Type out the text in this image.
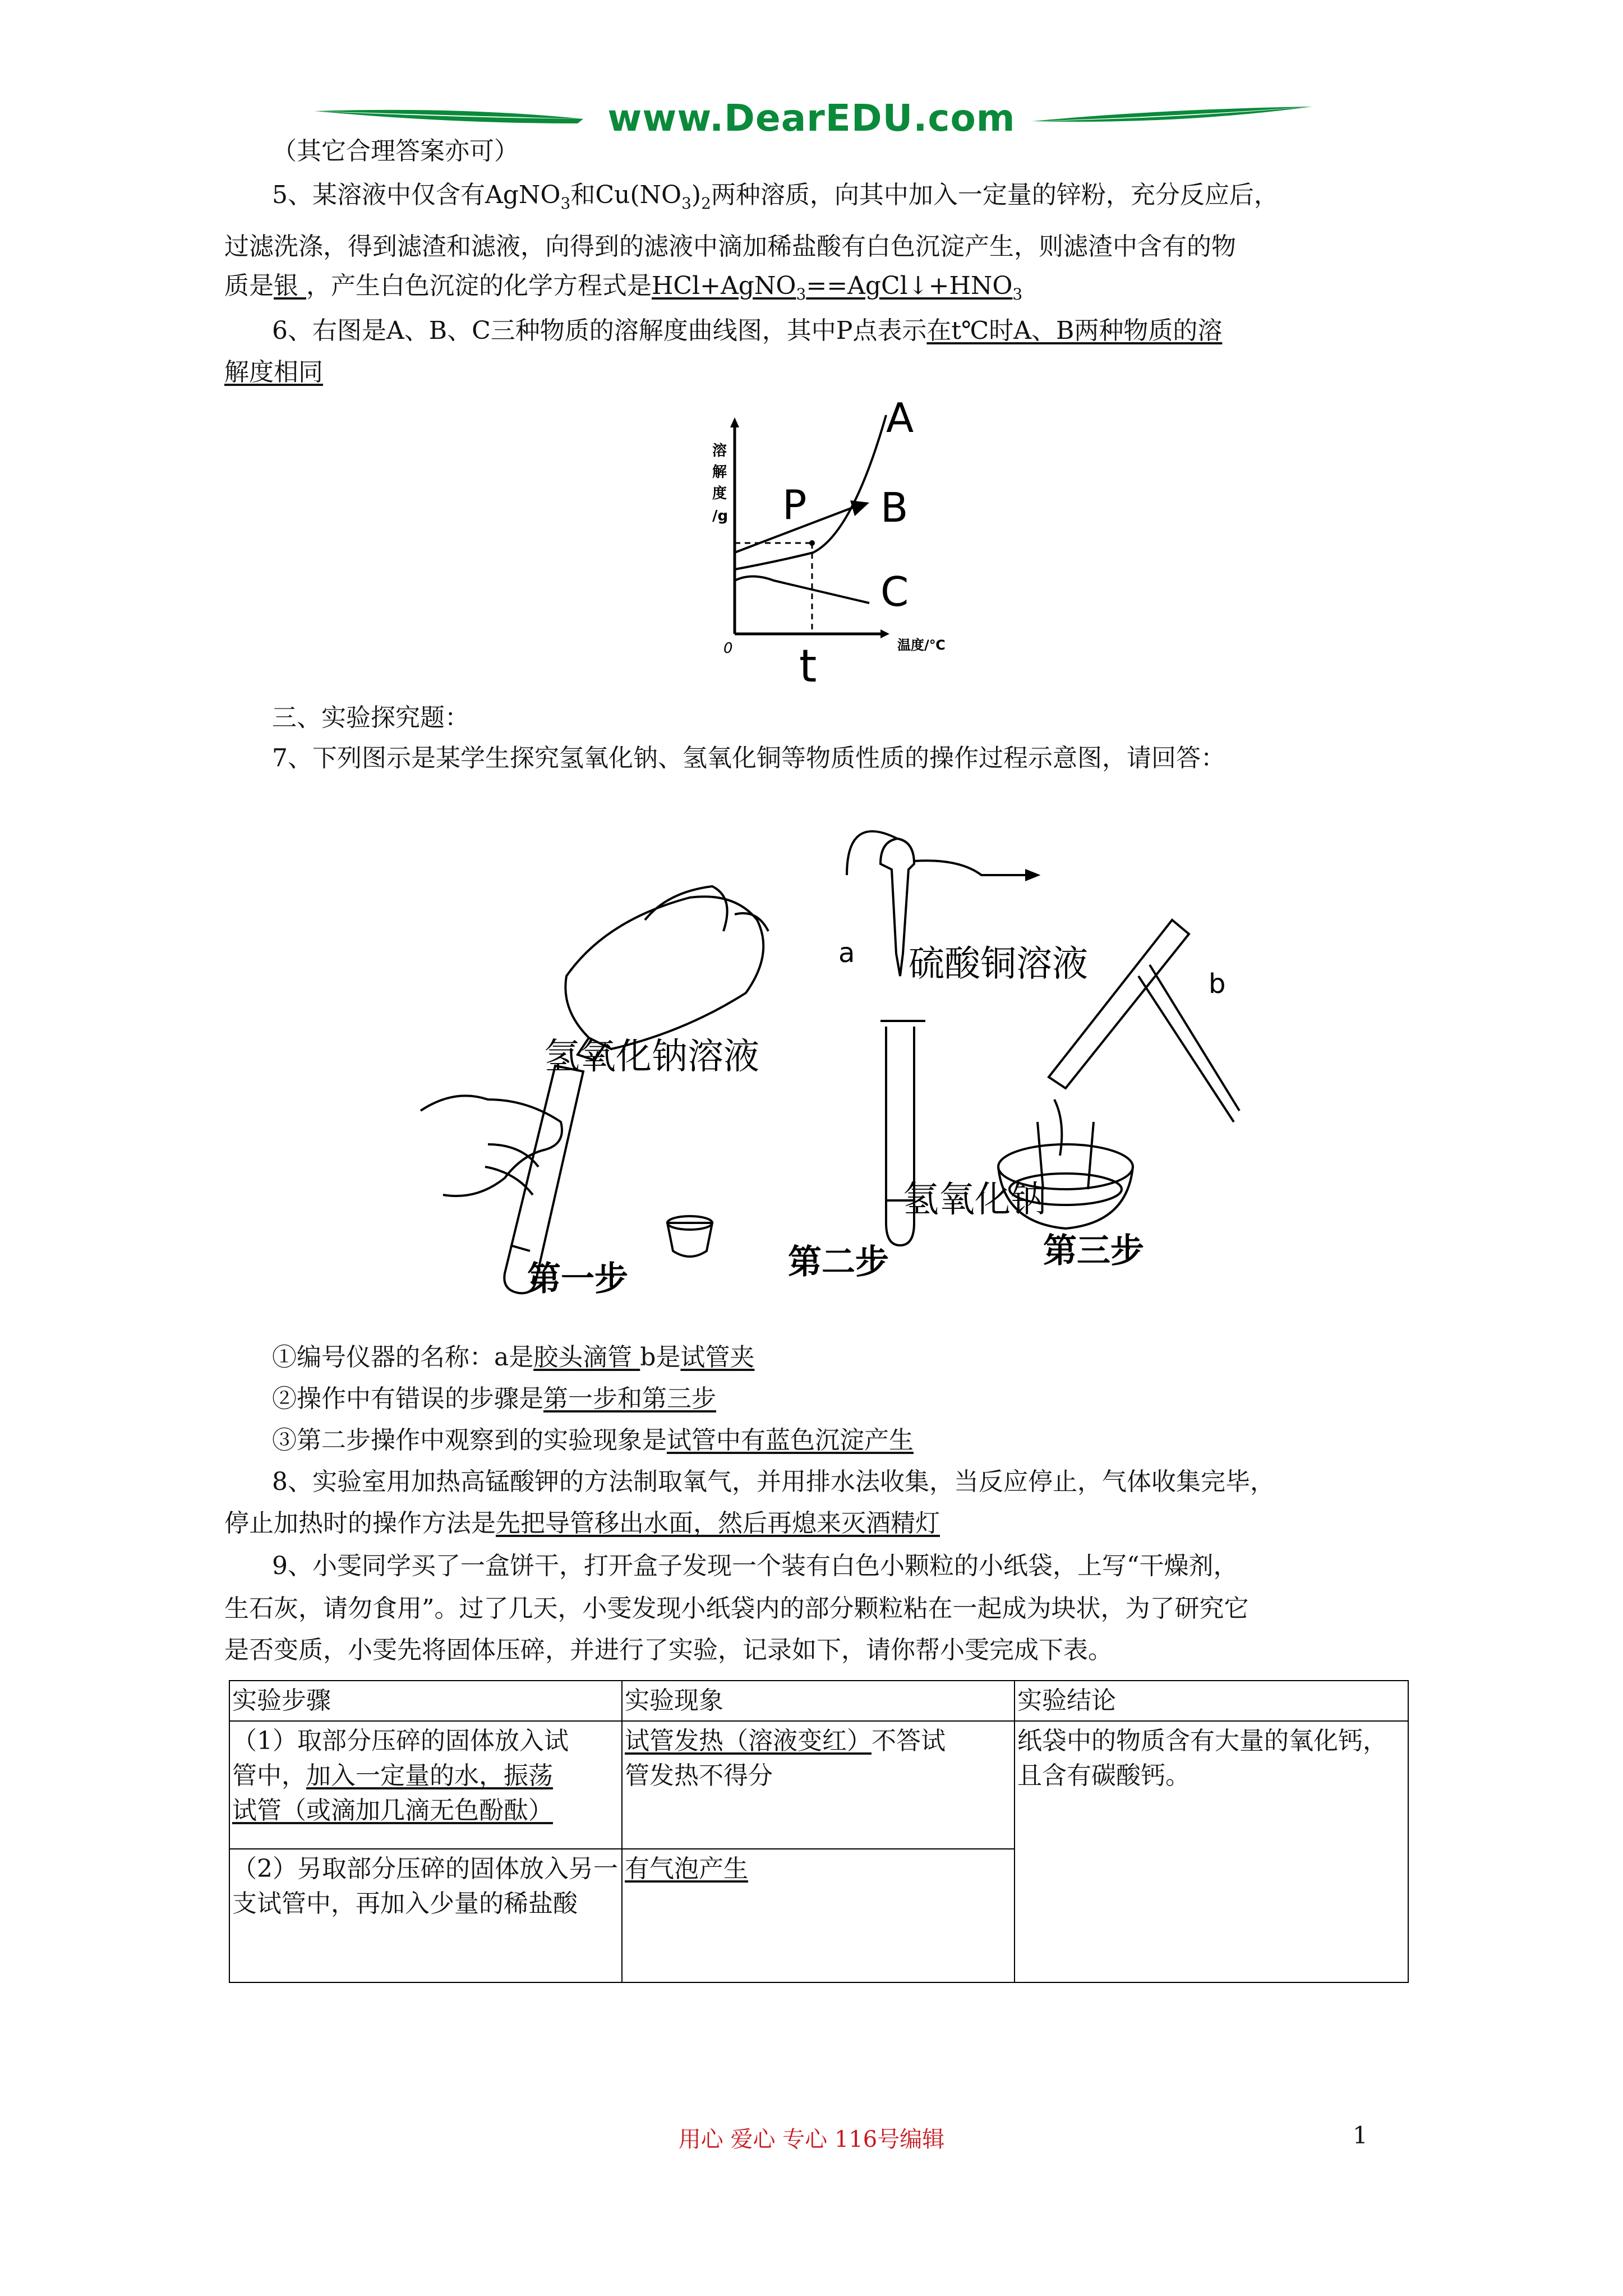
www.DearEDU.com
（其它合理答案亦可）
5、某溶液中仅含有AgNO$_3$和$Cu(NO_3)_2$两种溶质，向其中加入一定量的锌粉，充分反应后，
过滤洗涤，得到滤渣和滤液，向得到的滤液中滴加稀盐酸有白色沉淀产生，则滤渣中含有的物
质是银 ，产生白色沉淀的化学方程式是$HCl+AgNO_3==AgCl↓+HNO_3$
6、右图是A、B、C三种物质的溶解度曲线图，其中P点表示在t℃时A、B两种物质的溶
解度相同
溶
解
度
/g
0	温度/℃
P
t
A
B
C
三、实验探究题：
7、下列图示是某学生探究氢氧化钠、氢氧化铜等物质性质的操作过程示意图，请回答：
氢氧化钠溶液
硫酸铜溶液
氢氧化钠
a
b
第一步	第二步	第三步
①编号仪器的名称：a是胶头滴管 b是试管夹
②操作中有错误的步骤是第一步和第三步
③第二步操作中观察到的实验现象是试管中有蓝色沉淀产生
8、实验室用加热高锰酸钾的方法制取氧气，并用排水法收集，当反应停止，气体收集完毕，
停止加热时的操作方法是先把导管移出水面，然后再熄来灭酒精灯
9、小雯同学买了一盒饼干，打开盒子发现一个装有白色小颗粒的小纸袋，上写“干燥剂，
生石灰，请勿食用”。过了几天，小雯发现小纸袋内的部分颗粒粘在一起成为块状，为了研究它
是否变质，小雯先将固体压碎，并进行了实验，记录如下，请你帮小雯完成下表。
实验步骤	实验现象	实验结论
（1）取部分压碎的固体放入试
管中，加入一定量的水，振荡
试管（或滴加几滴无色酚酞）	试管发热（溶液变红）不答试
管发热不得分	纸袋中的物质含有大量的氧化钙，且含有碳酸钙。
（2）另取部分压碎的固体放入另一支试管中，再加入少量的稀盐酸	有气泡产生	
用心 爱心 专心 116号编辑	1
